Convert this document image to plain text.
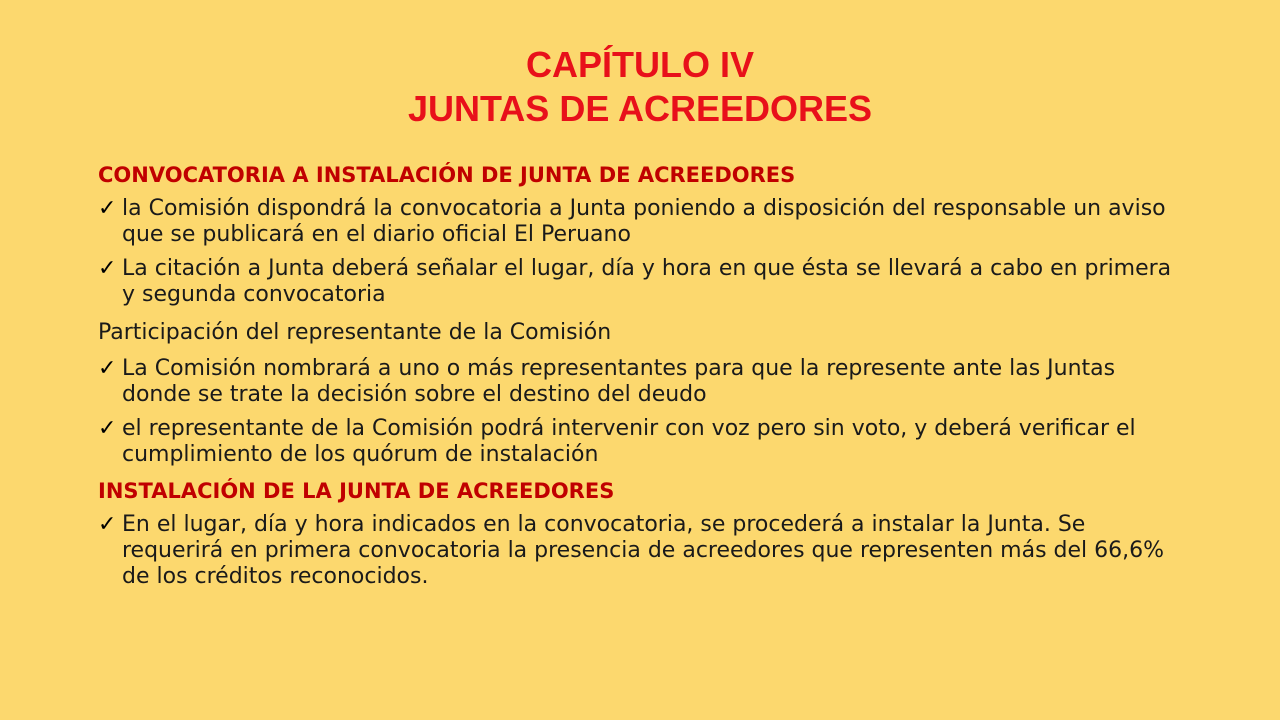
CAPÍTULO IV
JUNTAS DE ACREEDORES

CONVOCATORIA A INSTALACIÓN DE JUNTA DE ACREEDORES

✓ la Comisión dispondrá la convocatoria a Junta poniendo a disposición del responsable un aviso que se publicará en el diario oficial El Peruano
✓ La citación a Junta deberá señalar el lugar, día y hora en que ésta se llevará a cabo en primera y segunda convocatoria

Participación del representante de la Comisión

✓ La Comisión nombrará a uno o más representantes para que la represente ante las Juntas donde se trate la decisión sobre el destino del deudo
✓ el representante de la Comisión podrá intervenir con voz pero sin voto, y deberá verificar el cumplimiento de los quórum de instalación

INSTALACIÓN DE LA JUNTA DE ACREEDORES

✓ En el lugar, día y hora indicados en la convocatoria, se procederá a instalar la Junta. Se requerirá en primera convocatoria la presencia de acreedores que representen más del 66,6% de los créditos reconocidos.
